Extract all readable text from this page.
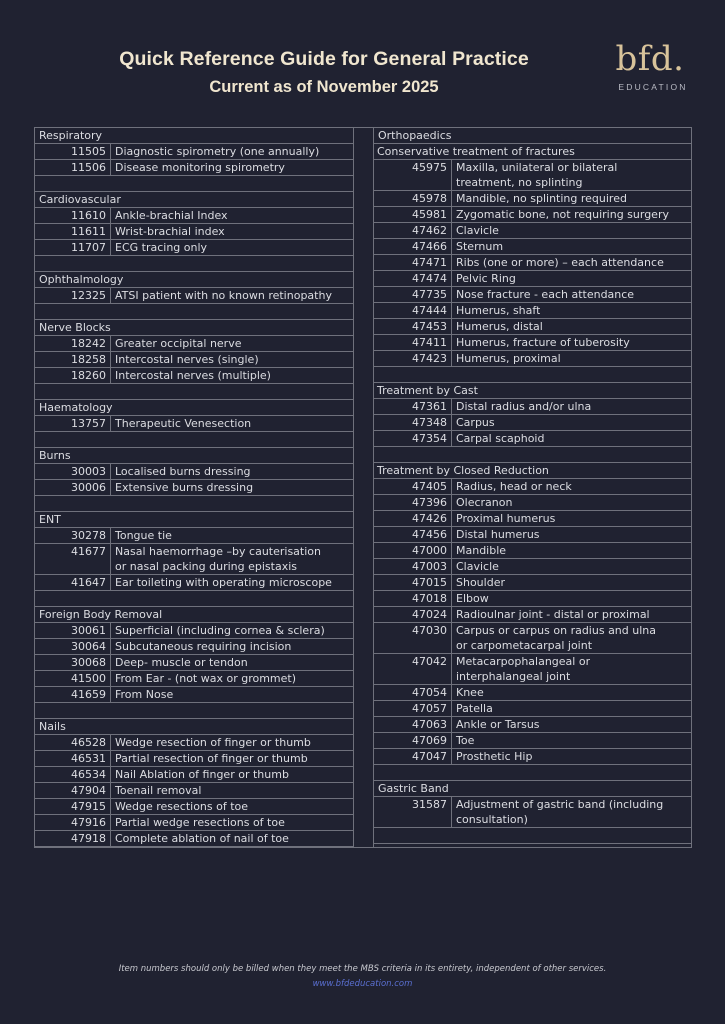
Quick Reference Guide for General Practice
Current as of November 2025
bfd.
EDUCATION
Respiratory
11505 Diagnostic spirometry (one annually)
11506 Disease monitoring spirometry
Cardiovascular
11610 Ankle-brachial Index
11611 Wrist-brachial index
11707 ECG tracing only
Ophthalmology
12325 ATSI patient with no known retinopathy
Nerve Blocks
18242 Greater occipital nerve
18258 Intercostal nerves (single)
18260 Intercostal nerves (multiple)
Haematology
13757 Therapeutic Venesection
Burns
30003 Localised burns dressing
30006 Extensive burns dressing
ENT
30278 Tongue tie
41677 Nasal haemorrhage –by cauterisation
or nasal packing during epistaxis
41647 Ear toileting with operating microscope
Foreign Body Removal
30061 Superficial (including cornea & sclera)
30064 Subcutaneous requiring incision
30068 Deep- muscle or tendon
41500 From Ear - (not wax or grommet)
41659 From Nose
Nails
46528 Wedge resection of finger or thumb
46531 Partial resection of finger or thumb
46534 Nail Ablation of finger or thumb
47904 Toenail removal
47915 Wedge resections of toe
47916 Partial wedge resections of toe
47918 Complete ablation of nail of toe
Orthopaedics
Conservative treatment of fractures
45975 Maxilla, unilateral or bilateral
treatment, no splinting
45978 Mandible, no splinting required
45981 Zygomatic bone, not requiring surgery
47462 Clavicle
47466 Sternum
47471 Ribs (one or more) – each attendance
47474 Pelvic Ring
47735 Nose fracture - each attendance
47444 Humerus, shaft
47453 Humerus, distal
47411 Humerus, fracture of tuberosity
47423 Humerus, proximal
Treatment by Cast
47361 Distal radius and/or ulna
47348 Carpus
47354 Carpal scaphoid
Treatment by Closed Reduction
47405 Radius, head or neck
47396 Olecranon
47426 Proximal humerus
47456 Distal humerus
47000 Mandible
47003 Clavicle
47015 Shoulder
47018 Elbow
47024 Radioulnar joint - distal or proximal
47030 Carpus or carpus on radius and ulna
or carpometacarpal joint
47042 Metacarpophalangeal or
interphalangeal joint
47054 Knee
47057 Patella
47063 Ankle or Tarsus
47069 Toe
47047 Prosthetic Hip
Gastric Band
31587 Adjustment of gastric band (including
consultation)
Item numbers should only be billed when they meet the MBS criteria in its entirety, independent of other services.
www.bfdeducation.com
